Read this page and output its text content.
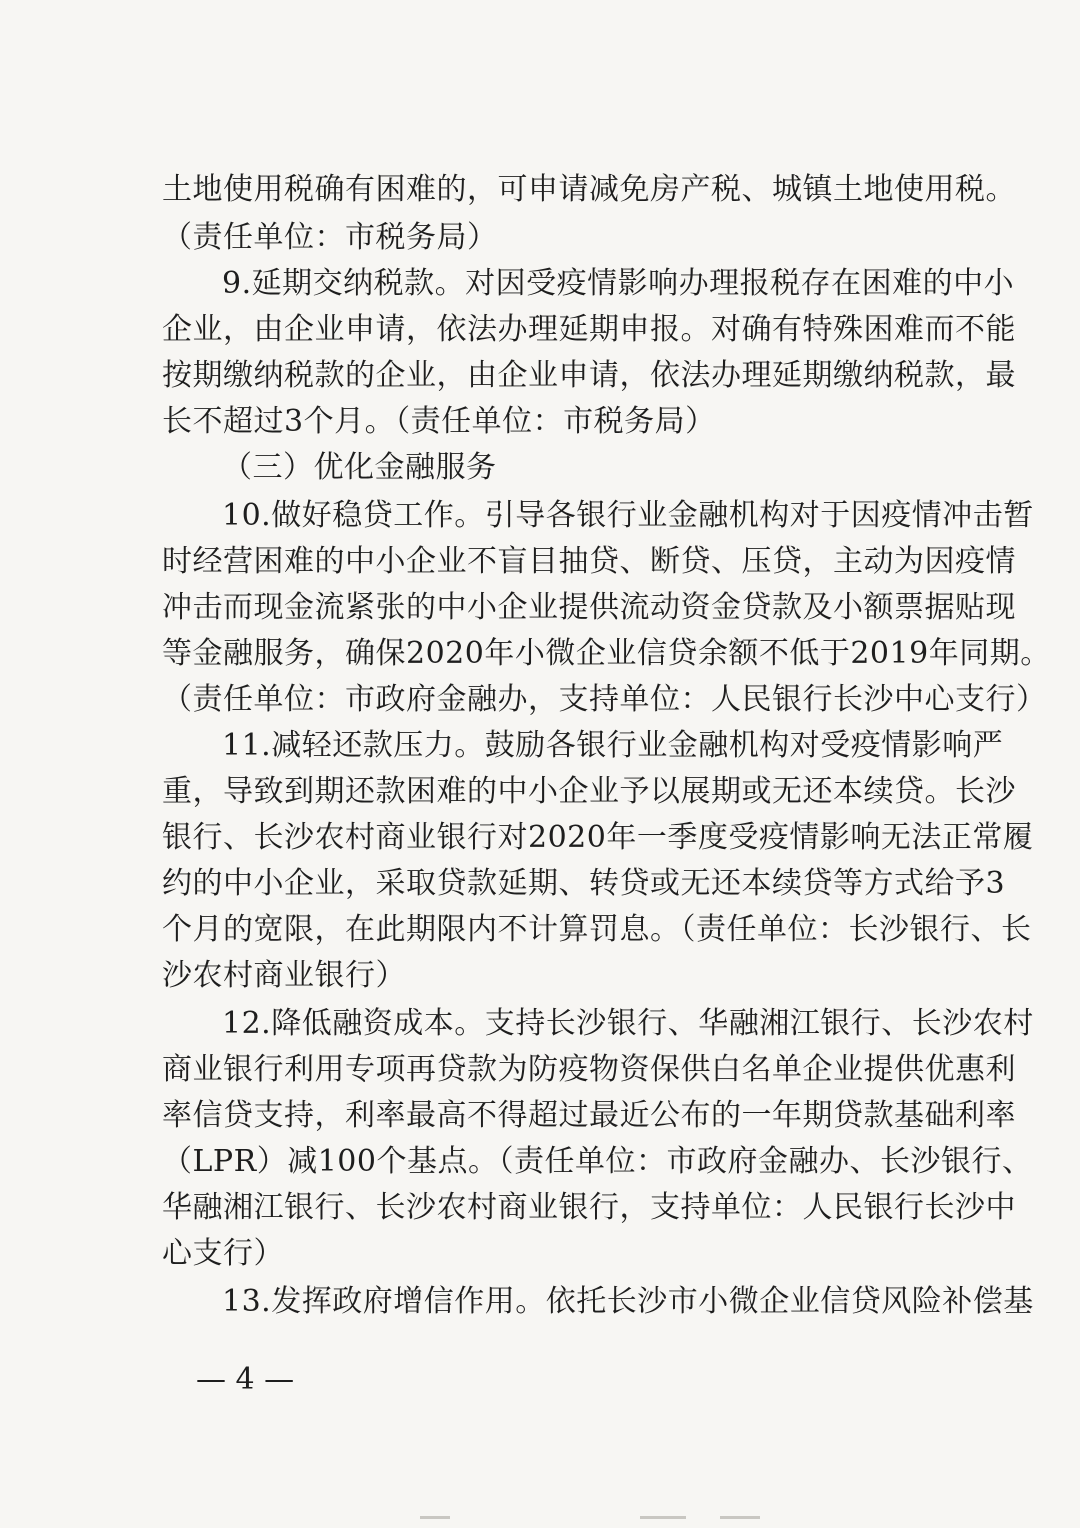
土地使用税确有困难的，可申请减免房产税、城镇土地使用税。
（责任单位：市税务局）
9.延期交纳税款。对因受疫情影响办理报税存在困难的中小
企业，由企业申请，依法办理延期申报。对确有特殊困难而不能
按期缴纳税款的企业，由企业申请，依法办理延期缴纳税款，最
长不超过3个月。（责任单位：市税务局）
（三）优化金融服务
10.做好稳贷工作。引导各银行业金融机构对于因疫情冲击暂
时经营困难的中小企业不盲目抽贷、断贷、压贷，主动为因疫情
冲击而现金流紧张的中小企业提供流动资金贷款及小额票据贴现
等金融服务，确保2020年小微企业信贷余额不低于2019年同期。
（责任单位：市政府金融办，支持单位：人民银行长沙中心支行）
11.减轻还款压力。鼓励各银行业金融机构对受疫情影响严
重，导致到期还款困难的中小企业予以展期或无还本续贷。长沙
银行、长沙农村商业银行对2020年一季度受疫情影响无法正常履
约的中小企业，采取贷款延期、转贷或无还本续贷等方式给予3
个月的宽限，在此期限内不计算罚息。（责任单位：长沙银行、长
沙农村商业银行）
12.降低融资成本。支持长沙银行、华融湘江银行、长沙农村
商业银行利用专项再贷款为防疫物资保供白名单企业提供优惠利
率信贷支持，利率最高不得超过最近公布的一年期贷款基础利率
（LPR）减100个基点。（责任单位：市政府金融办、长沙银行、
华融湘江银行、长沙农村商业银行，支持单位：人民银行长沙中
心支行）
13.发挥政府增信作用。依托长沙市小微企业信贷风险补偿基
— 4 —
